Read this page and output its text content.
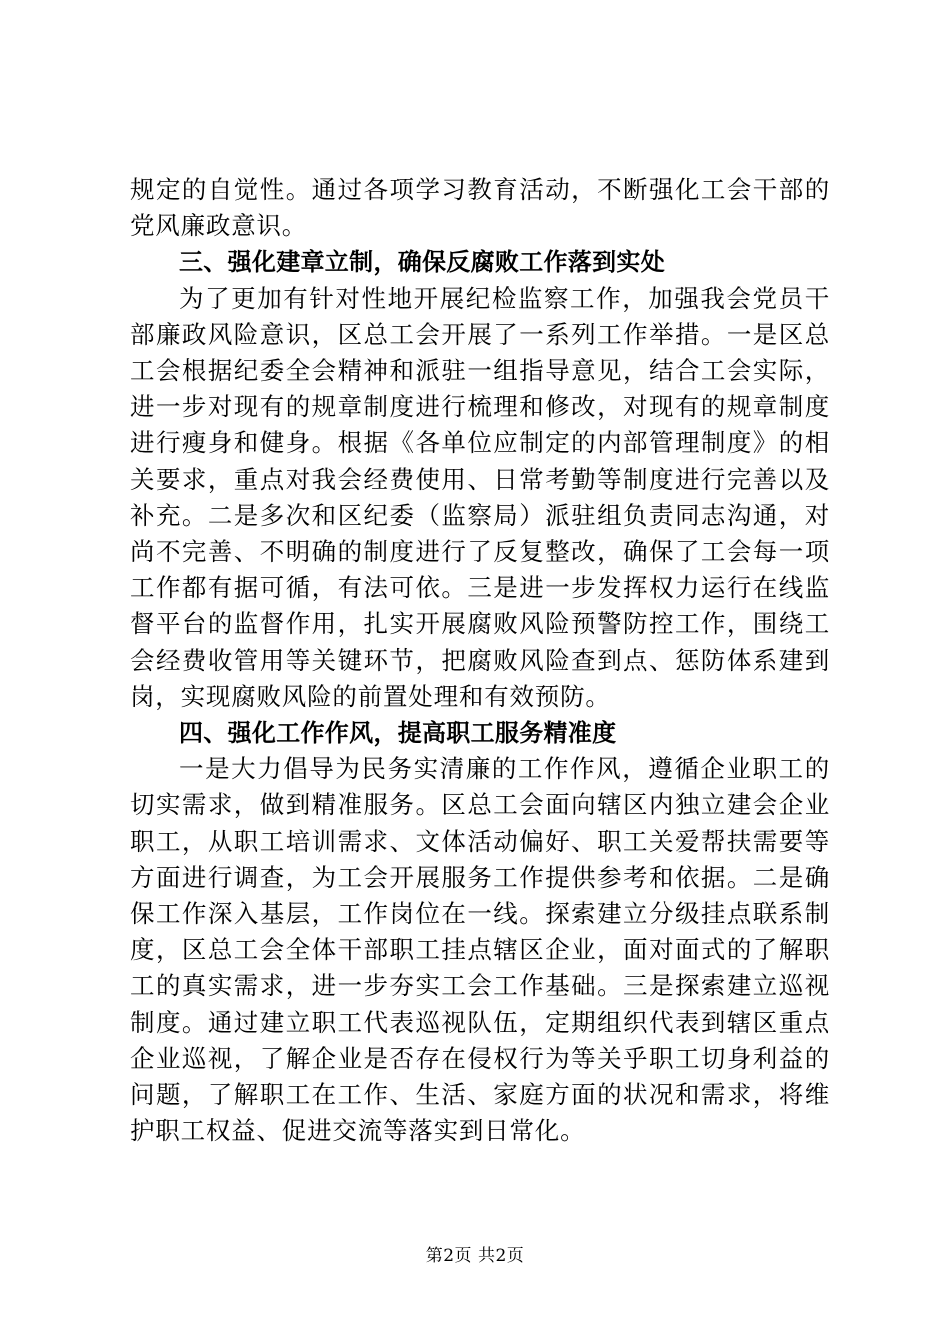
规定的自觉性。通过各项学习教育活动，不断强化工会干部的党风廉政意识。

三、强化建章立制，确保反腐败工作落到实处

为了更加有针对性地开展纪检监察工作，加强我会党员干部廉政风险意识，区总工会开展了一系列工作举措。一是区总工会根据纪委全会精神和派驻一组指导意见，结合工会实际，进一步对现有的规章制度进行梳理和修改，对现有的规章制度进行瘦身和健身。根据《各单位应制定的内部管理制度》的相关要求，重点对我会经费使用、日常考勤等制度进行完善以及补充。二是多次和区纪委（监察局）派驻组负责同志沟通，对尚不完善、不明确的制度进行了反复整改，确保了工会每一项工作都有据可循，有法可依。三是进一步发挥权力运行在线监督平台的监督作用，扎实开展腐败风险预警防控工作，围绕工会经费收管用等关键环节，把腐败风险查到点、惩防体系建到岗，实现腐败风险的前置处理和有效预防。

四、强化工作作风，提高职工服务精准度

一是大力倡导为民务实清廉的工作作风，遵循企业职工的切实需求，做到精准服务。区总工会面向辖区内独立建会企业职工，从职工培训需求、文体活动偏好、职工关爱帮扶需要等方面进行调查，为工会开展服务工作提供参考和依据。二是确保工作深入基层，工作岗位在一线。探索建立分级挂点联系制度，区总工会全体干部职工挂点辖区企业，面对面式的了解职工的真实需求，进一步夯实工会工作基础。三是探索建立巡视制度。通过建立职工代表巡视队伍，定期组织代表到辖区重点企业巡视，了解企业是否存在侵权行为等关乎职工切身利益的问题，了解职工在工作、生活、家庭方面的状况和需求，将维护职工权益、促进交流等落实到日常化。

第2页 共2页
